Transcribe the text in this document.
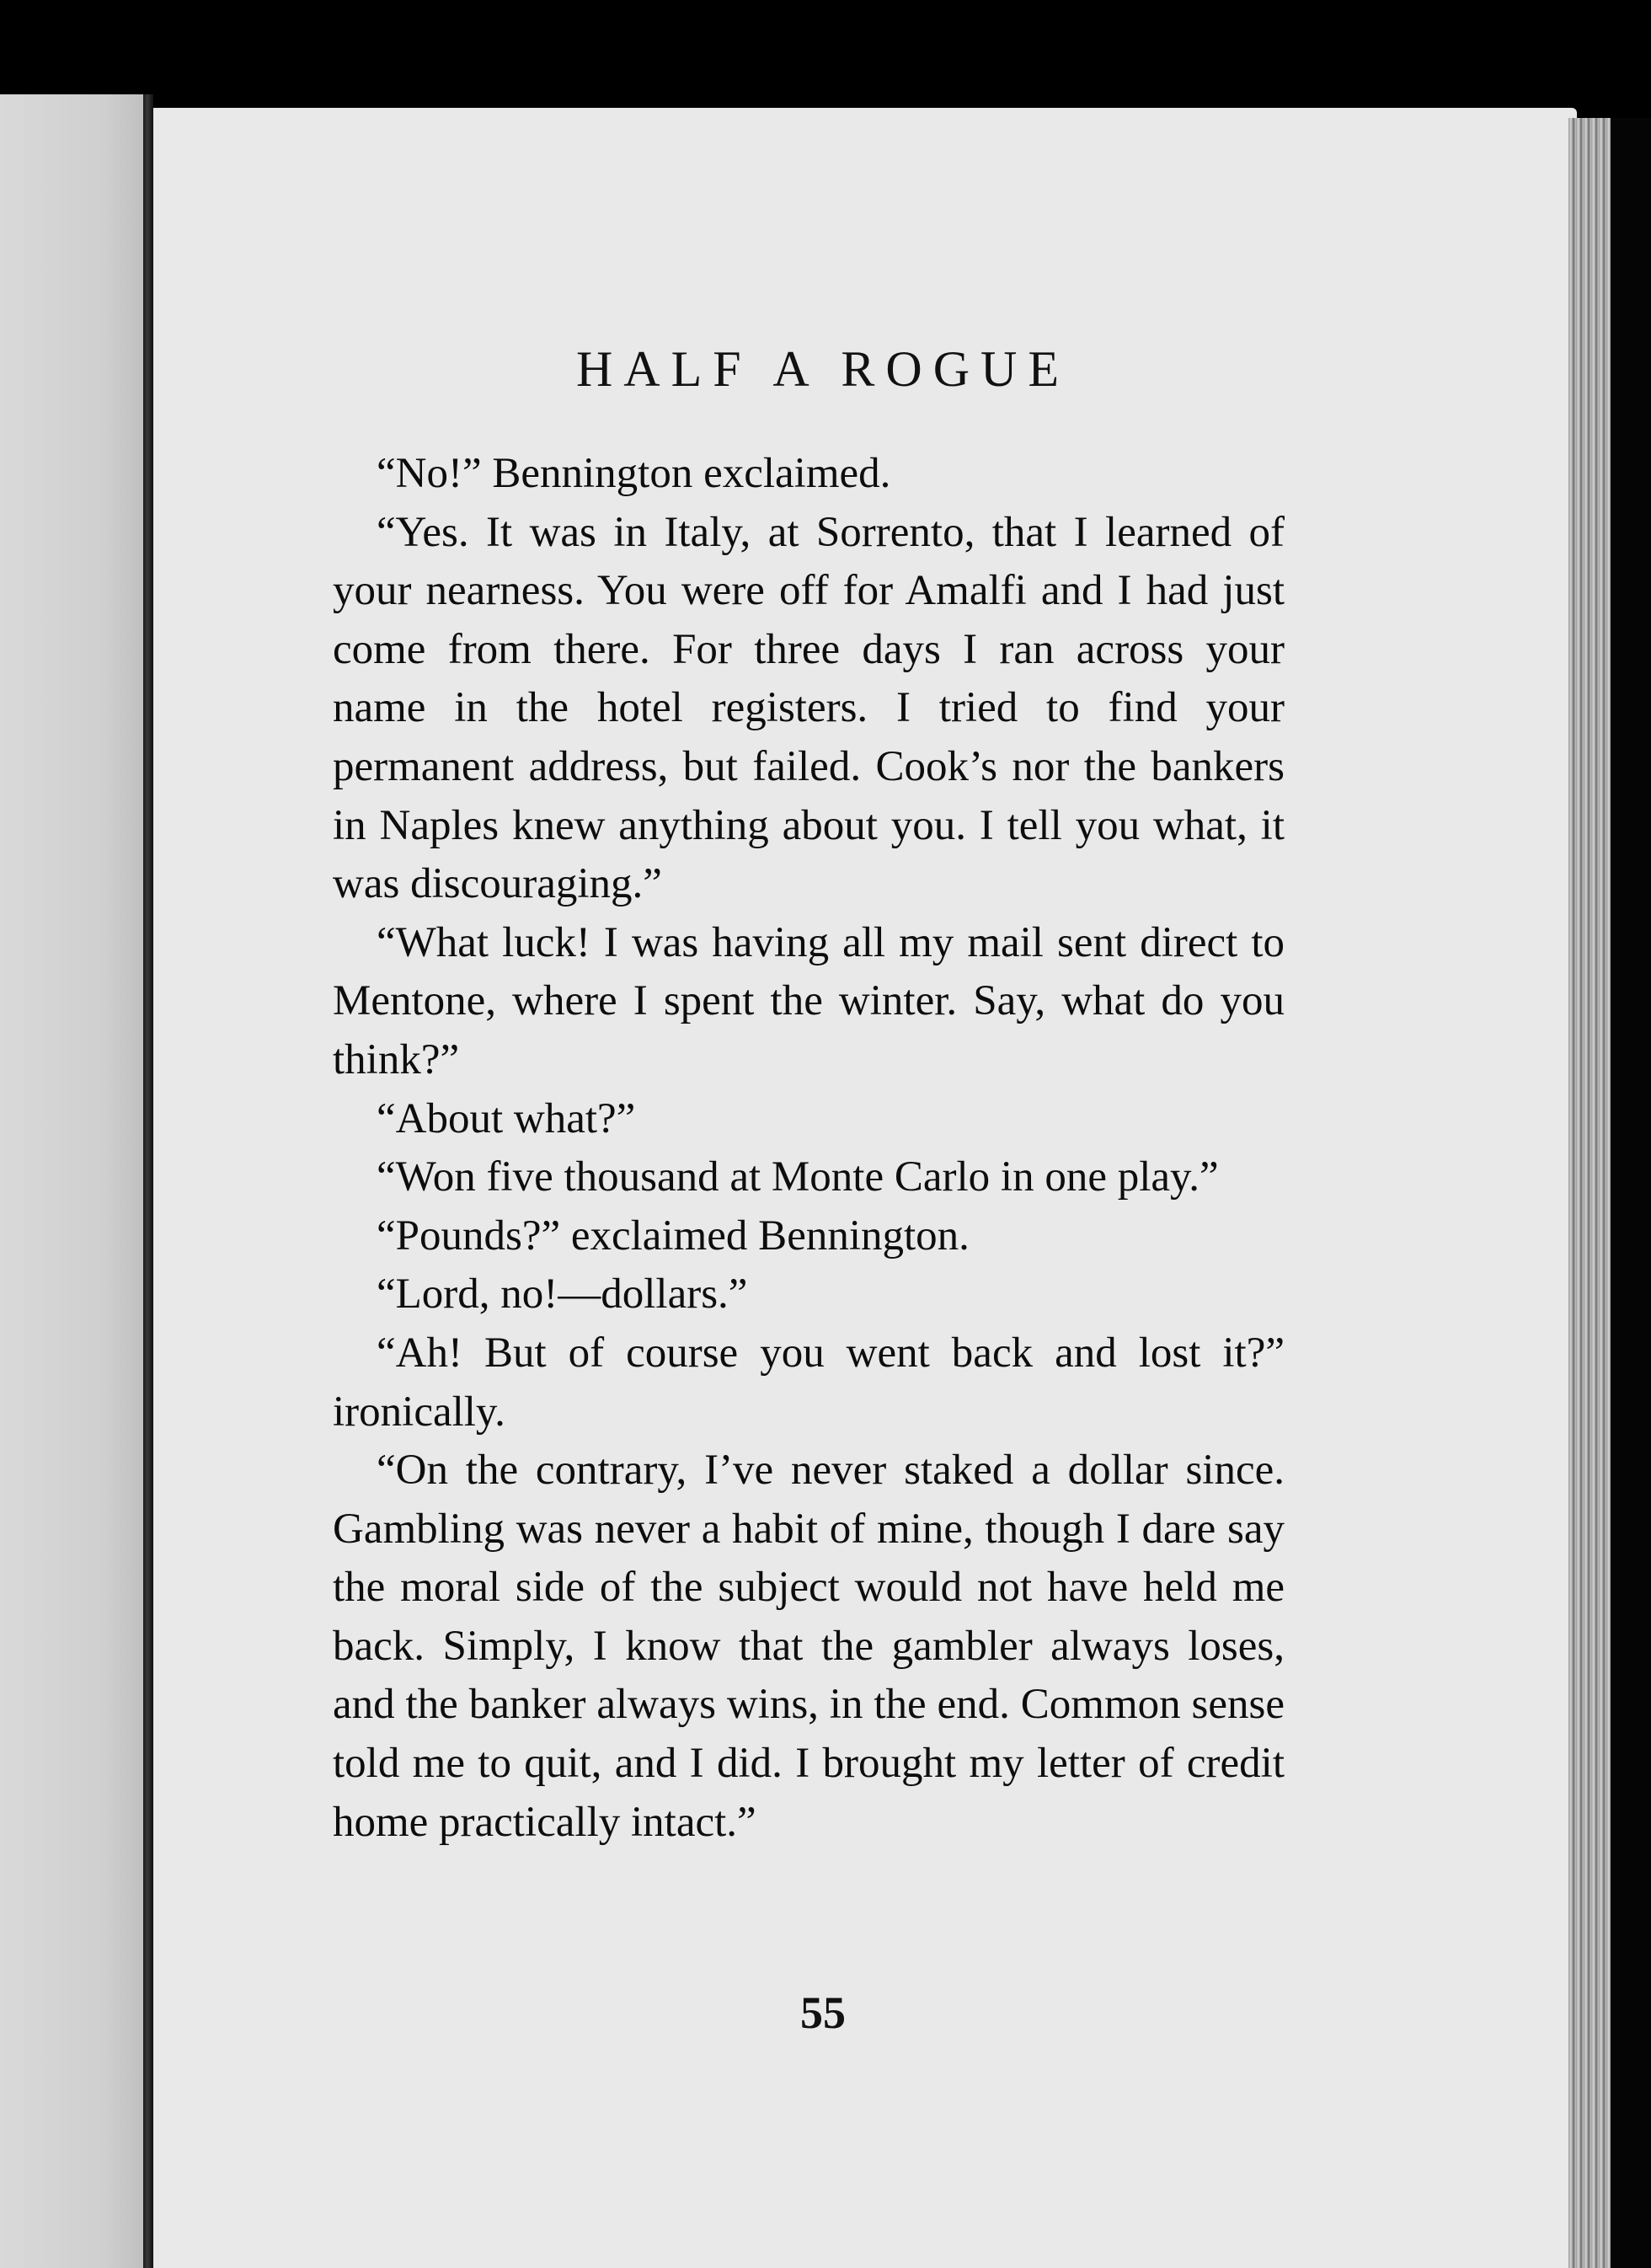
HALF A ROGUE

“No!” Bennington exclaimed.

“Yes. It was in Italy, at Sorrento, that I learned of your nearness. You were off for Amalfi and I had just come from there. For three days I ran across your name in the hotel registers. I tried to find your permanent address, but failed. Cook’s nor the bankers in Naples knew anything about you. I tell you what, it was discouraging.”

“What luck! I was having all my mail sent direct to Mentone, where I spent the winter. Say, what do you think?”

“About what?”

“Won five thousand at Monte Carlo in one play.”

“Pounds?” exclaimed Bennington.

“Lord, no!—dollars.”

“Ah! But of course you went back and lost it?” ironically.

“On the contrary, I’ve never staked a dollar since. Gambling was never a habit of mine, though I dare say the moral side of the subject would not have held me back. Simply, I know that the gambler always loses, and the banker always wins, in the end. Common sense told me to quit, and I did. I brought my letter of credit home practically intact.”

55
